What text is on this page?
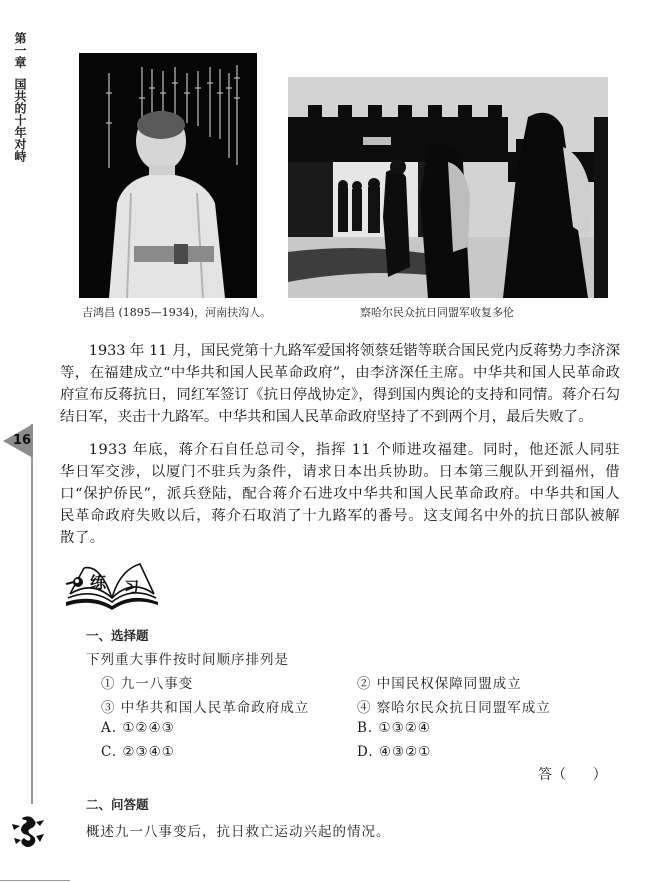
第一章国共的十年对峙
16
吉鸿昌 (1895—1934)，河南扶沟人。	察哈尔民众抗日同盟军收复多伦

1933 年 11 月，国民党第十九路军爱国将领蔡廷锴等联合国民党内反蒋势力李济深等，在福建成立“中华共和国人民革命政府”，由李济深任主席。中华共和国人民革命政府宣布反蒋抗日，同红军签订《抗日停战协定》，得到国内舆论的支持和同情。蒋介石勾结日军，夹击十九路军。中华共和国人民革命政府坚持了不到两个月，最后失败了。

1933 年底，蒋介石自任总司令，指挥 11 个师进攻福建。同时，他还派人同驻华日军交涉，以厦门不驻兵为条件，请求日本出兵协助。日本第三舰队开到福州，借口“保护侨民”，派兵登陆，配合蒋介石进攻中华共和国人民革命政府。中华共和国人民革命政府失败以后，蒋介石取消了十九路军的番号。这支闻名中外的抗日部队被解散了。

练 习
一、选择题
下列重大事件按时间顺序排列是
① 九一八事变	② 中国民权保障同盟成立
③ 中华共和国人民革命政府成立	④ 察哈尔民众抗日同盟军成立
A. ①②④③	B. ①③②④
C. ②③④①	D. ④③②①
答（      ）
二、问答题
概述九一八事变后，抗日救亡运动兴起的情况。
